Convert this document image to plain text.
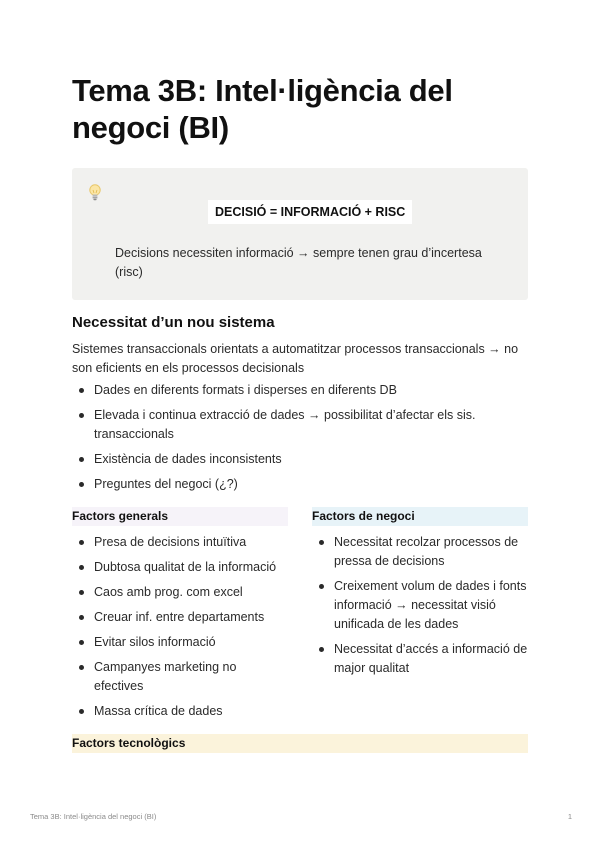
Tema 3B: Intel·ligència del negoci (BI)
DECISIÓ = INFORMACIÓ + RISC
Decisions necessiten informació → sempre tenen grau d’incertesa (risc)
Necessitat d’un nou sistema

Sistemes transaccionals orientats a automatitzar processos transaccionals → no son eficients en els processos decisionals

Dades en diferents formats i disperses en diferents DB
Elevada i continua extracció de dades → possibilitat d’afectar els sis. transaccionals
Existència de dades inconsistents
Preguntes del negoci (¿?)
Factors generals	Factors de negoci
Presa de decisions intuïtiva
Dubtosa qualitat de la informació
Caos amb prog. com excel
Creuar inf. entre departaments
Evitar silos informació
Campanyes marketing no efectives
Massa crítica de dades
Necessitat recolzar processos de pressa de decisions
Creixement volum de dades i fonts informació → necessitat visió unificada de les dades
Necessitat d’accés a informació de major qualitat
Factors tecnològics
Tema 3B: Intel·ligència del negoci (BI)	1
